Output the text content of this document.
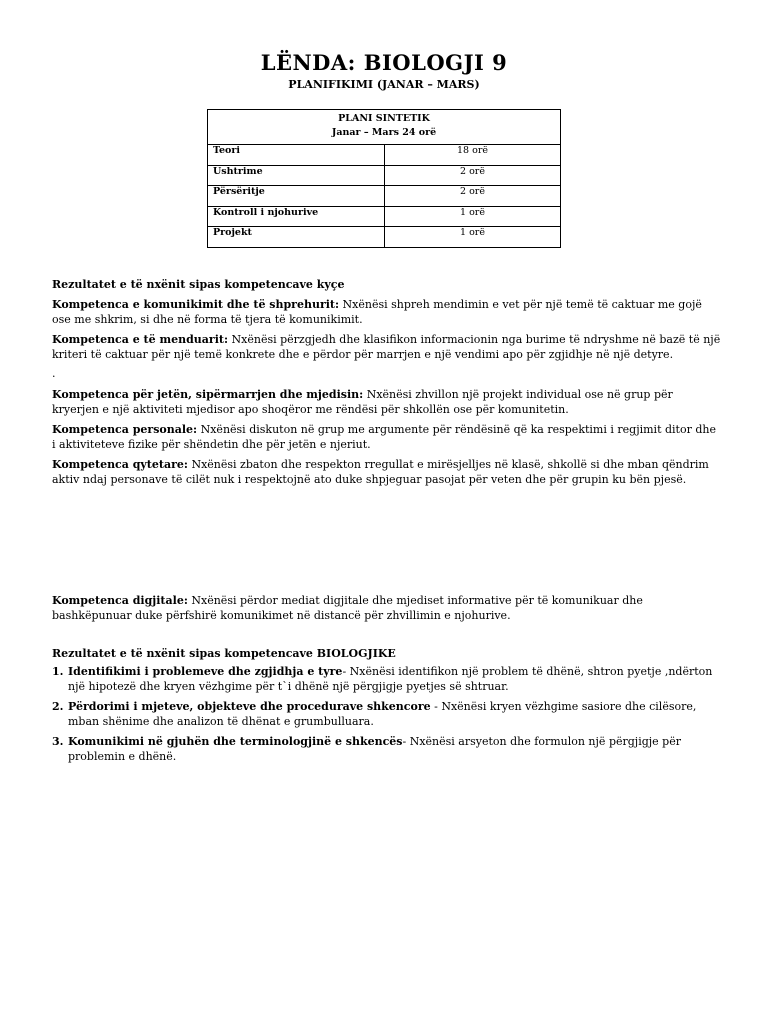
LËNDA: BIOLOGJI 9
PLANIFIKIMI (JANAR – MARS)
PLANI SINTETIK
Janar – Mars 24 orë	

Teori	18 orë
Ushtrime	2 orë
Përsëritje	2 orë
Kontroll i njohurive	1 orë
Projekt	1 orë
Rezultatet e të nxënit sipas kompetencave kyçe
Kompetenca e komunikimit dhe të shprehurit: Nxënësi shpreh mendimin e vet për një temë të caktuar me gojë ose me shkrim, si dhe në forma të tjera të komunikimit.
Kompetenca e të menduarit: Nxënësi përzgjedh dhe klasifikon informacionin nga burime të ndryshme në bazë të një kriteri të caktuar për një temë konkrete dhe e përdor për marrjen e një vendimi apo për zgjidhje në një detyre.
.
Kompetenca për jetën, sipërmarrjen dhe mjedisin: Nxënësi zhvillon një projekt individual ose në grup për kryerjen e një aktiviteti mjedisor apo shoqëror me rëndësi për shkollën ose për komunitetin.
Kompetenca personale: Nxënësi diskuton në grup me argumente për rëndësinë që ka respektimi i regjimit ditor dhe i aktiviteteve fizike për shëndetin dhe për jetën e njeriut.
Kompetenca qytetare: Nxënësi zbaton dhe respekton rregullat e mirësjelljes në klasë, shkollë si dhe mban qëndrim aktiv ndaj personave të cilët nuk i respektojnë ato duke shpjeguar pasojat për veten dhe për grupin ku bën pjesë.
Kompetenca digjitale: Nxënësi përdor mediat digjitale dhe mjediset informative për të komunikuar dhe bashkëpunuar duke përfshirë komunikimet në distancë për zhvillimin e njohurive.
Rezultatet e të nxënit sipas kompetencave BIOLOGJIKE
1. Identifikimi i problemeve dhe zgjidhja e tyre- Nxënësi identifikon një problem të dhënë, shtron pyetje ,ndërton një hipotezë dhe kryen vëzhgime për t`i dhënë një përgjigje pyetjes së shtruar.
2. Përdorimi i mjeteve, objekteve dhe procedurave shkencore - Nxënësi kryen vëzhgime sasiore dhe cilësore, mban shënime dhe analizon të dhënat e grumbulluara.
3. Komunikimi në gjuhën dhe terminologjinë e shkencës- Nxënësi arsyeton dhe formulon një përgjigje për problemin e dhënë.
